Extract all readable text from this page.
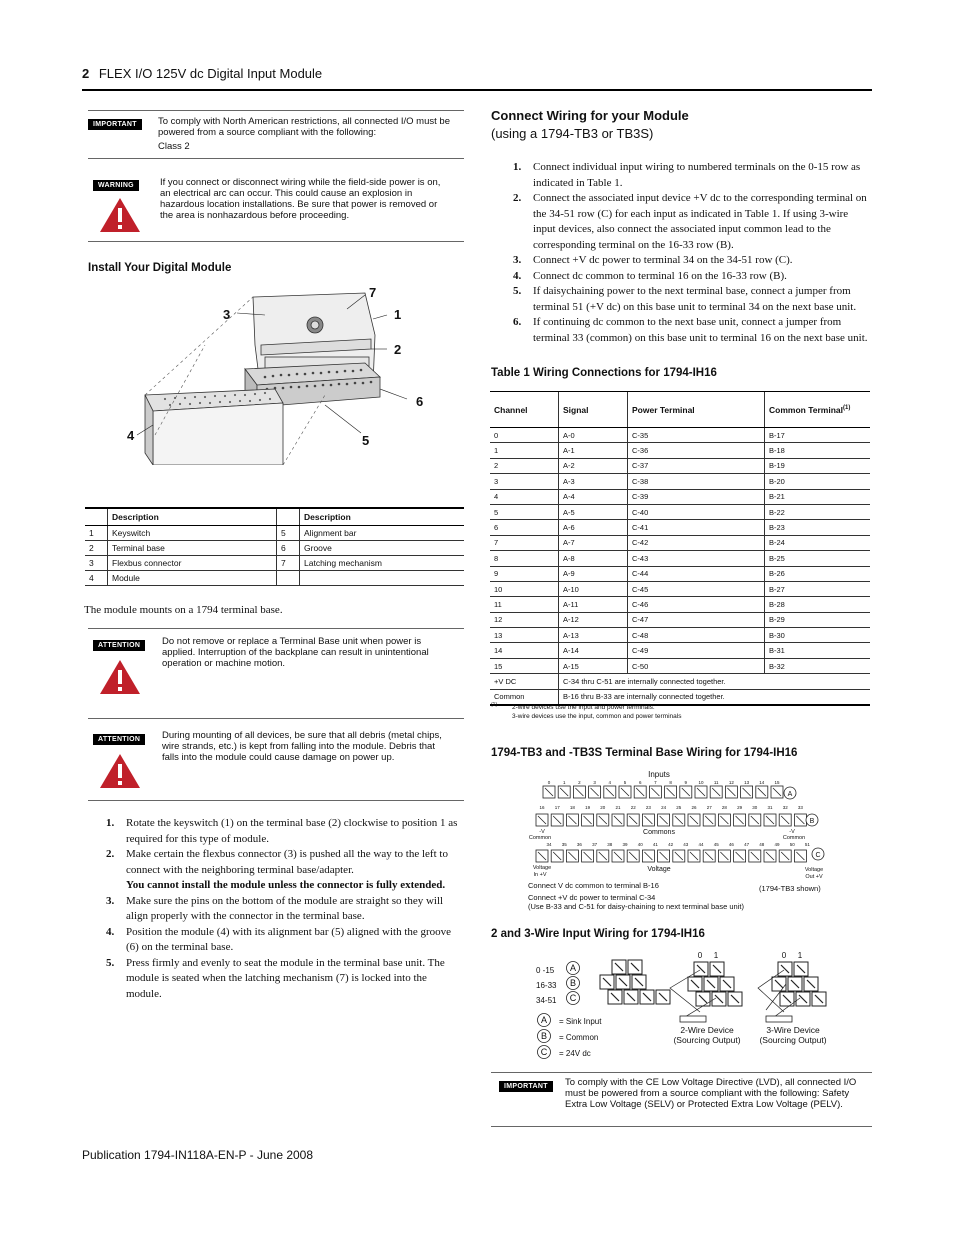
2 FLEX I/O 125V dc Digital Input Module
IMPORTANT	To comply with North American restrictions, all connected I/O must be powered from a source compliant with the following:
Class 2
WARNING	If you connect or disconnect wiring while the field-side power is on, an electrical arc can occur. This could cause an explosion in hazardous location installations. Be sure that power is removed or the area is nonhazardous before proceeding.
Install Your Digital Module
3
7
1
2
6
4	5
	Description		Description
1	Keyswitch	5	Alignment bar
2	Terminal base	6	Groove
3	Flexbus connector	7	Latching mechanism
4	Module		
The module mounts on a 1794 terminal base.
ATTENTION	Do not remove or replace a Terminal Base unit when power is applied. Interruption of the backplane can result in unintentional operation or machine motion.
ATTENTION	During mounting of all devices, be sure that all debris (metal chips, wire strands, etc.) is kept from falling into the module. Debris that falls into the module could cause damage on power up.
1. Rotate the keyswitch (1) on the terminal base (2) clockwise to position 1 as required for this type of module.
2. Make certain the flexbus connector (3) is pushed all the way to the left to connect with the neighboring terminal base/adapter.
You cannot install the module unless the connector is fully extended.
3. Make sure the pins on the bottom of the module are straight so they will align properly with the connector in the terminal base.
4. Position the module (4) with its alignment bar (5) aligned with the groove (6) on the terminal base.
5. Press firmly and evenly to seat the module in the terminal base unit. The module is seated when the latching mechanism (7) is locked into the module.
Publication 1794-IN118A-EN-P - June 2008
Connect Wiring for your Module
(using a 1794-TB3 or TB3S)
1. Connect individual input wiring to numbered terminals on the 0-15 row as indicated in Table 1.
2. Connect the associated input device +V dc to the corresponding terminal on the 34-51 row (C) for each input as indicated in Table 1. If using 3-wire input devices, also connect the associated input common lead to the corresponding terminal on the 16-33 row (B).
3. Connect +V dc power to terminal 34 on the 34-51 row (C).
4. Connect dc common to terminal 16 on the 16-33 row (B).
5. If daisychaining power to the next terminal base, connect a jumper from terminal 51 (+V dc) on this base unit to terminal 34 on the next base unit.
6. If continuing dc common to the next base unit, connect a jumper from terminal 33 (common) on this base unit to terminal 16 on the next base unit.
Table 1 Wiring Connections for 1794-IH16
Channel	Signal	Power Terminal	Common Terminal$^{(1)}$
0	A-0	C-35	B-17
1	A-1	C-36	B-18
2	A-2	C-37	B-19
3	A-3	C-38	B-20
4	A-4	C-39	B-21
5	A-5	C-40	B-22
6	A-6	C-41	B-23
7	A-7	C-42	B-24
8	A-8	C-43	B-25
9	A-9	C-44	B-26
10	A-10	C-45	B-27
11	A-11	C-46	B-28
12	A-12	C-47	B-29
13	A-13	C-48	B-30
14	A-14	C-49	B-31
15	A-15	C-50	B-32
+V DC	C-34 thru C-51 are internally connected together.		
Common	B-16 thru B-33 are internally connected together.		
(1)	2-wire devices use the input and power terminals.
3-wire devices use the input, common and power terminals
1794-TB3 and -TB3S Terminal Base Wiring for 1794-IH16
Inputs
0	1	2	3	4	5	6	7	8	9	10 11 12 13 14 15
A
16 17 18 19 20 21 22 23 24 25 26 27 28 29 30 31 32 33
B
-V
Common
Commons	-V
Common
34 35 36 37 38 39 40 41 42 43 44 45 46 47 48 49 50 51
C
Voltage
Voltage
In +V
Voltage
Out +V
Connect V dc common to terminal B-16
Connect +V dc power to terminal C-34
(Use B-33 and C-51 for daisy-chaining to next terminal base unit)
(1794-TB3 shown)
2 and 3-Wire Input Wiring for 1794-IH16
A
A
B
B
C
C
0 1	0 1
0 -15
16-33
34-51
= Sink Input
= Common
= 24V dc
2-Wire Device
(Sourcing Output)
3-Wire Device
(Sourcing Output)
IMPORTANT	To comply with the CE Low Voltage Directive (LVD), all connected I/O must be powered from a source compliant with the following: Safety Extra Low Voltage (SELV) or Protected Extra Low Voltage (PELV).
